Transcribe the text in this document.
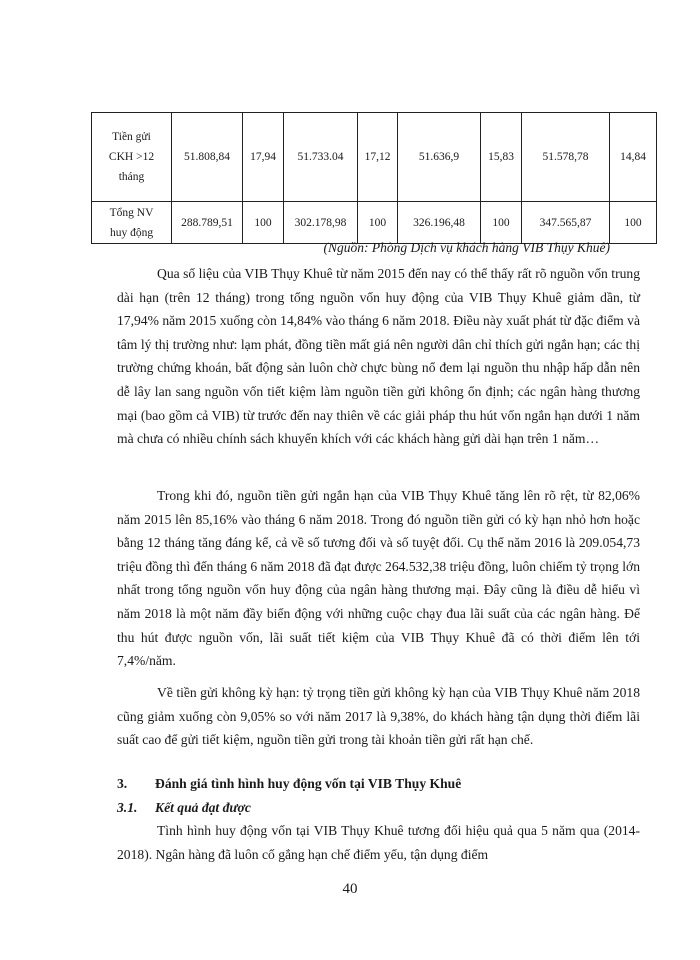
Tiền gửi
CKH >12
tháng	51.808,84	17,94	51.733.04	17,12	51.636,9	15,83	51.578,78	14,84

Tổng NV
huy động	288.789,51	100	302.178,98	100	326.196,48	100	347.565,87	100
(Nguồn: Phòng Dịch vụ khách hàng VIB Thụy Khuê)

Qua số liệu của VIB Thụy Khuê từ năm 2015 đến nay có thể thấy rất rõ nguồn vốn trung dài hạn (trên 12 tháng) trong tổng nguồn vốn huy động của VIB Thụy Khuê giảm dần, từ 17,94% năm 2015 xuống còn 14,84% vào tháng 6 năm 2018. Điều này xuất phát từ đặc điểm và tâm lý thị trường như: lạm phát, đồng tiền mất giá nên người dân chỉ thích gửi ngắn hạn; các thị trường chứng khoán, bất động sản luôn chờ chực bùng nổ đem lại nguồn thu nhập hấp dẫn nên dễ lây lan sang nguồn vốn tiết kiệm làm nguồn tiền gửi không ổn định; các ngân hàng thương mại (bao gồm cả VIB) từ trước đến nay thiên về các giải pháp thu hút vốn ngắn hạn dưới 1 năm mà chưa có nhiều chính sách khuyến khích với các khách hàng gửi dài hạn trên 1 năm…

Trong khi đó, nguồn tiền gửi ngắn hạn của VIB Thụy Khuê tăng lên rõ rệt, từ 82,06% năm 2015 lên 85,16% vào tháng 6 năm 2018. Trong đó nguồn tiền gửi có kỳ hạn nhỏ hơn hoặc bằng 12 tháng tăng đáng kể, cả về số tương đối và số tuyệt đối. Cụ thể năm 2016 là 209.054,73 triệu đồng thì đến tháng 6 năm 2018 đã đạt được 264.532,38 triệu đồng, luôn chiếm tỷ trọng lớn nhất trong tổng nguồn vốn huy động của ngân hàng thương mại. Đây cũng là điều dễ hiểu vì năm 2018 là một năm đầy biến động với những cuộc chạy đua lãi suất của các ngân hàng. Để thu hút được nguồn vốn, lãi suất tiết kiệm của VIB Thụy Khuê đã có thời điểm lên tới 7,4%/năm.

Về tiền gửi không kỳ hạn: tỷ trọng tiền gửi không kỳ hạn của VIB Thụy Khuê năm 2018 cũng giảm xuống còn 9,05% so với năm 2017 là 9,38%, do khách hàng tận dụng thời điểm lãi suất cao để gửi tiết kiệm, nguồn tiền gửi trong tài khoản tiền gửi rất hạn chế.

3. Đánh giá tình hình huy động vốn tại VIB Thụy Khuê
3.1. Kết quả đạt được

Tình hình huy động vốn tại VIB Thụy Khuê tương đối hiệu quả qua 5 năm qua (2014-2018). Ngân hàng đã luôn cố gắng hạn chế điểm yếu, tận dụng điểm

40
